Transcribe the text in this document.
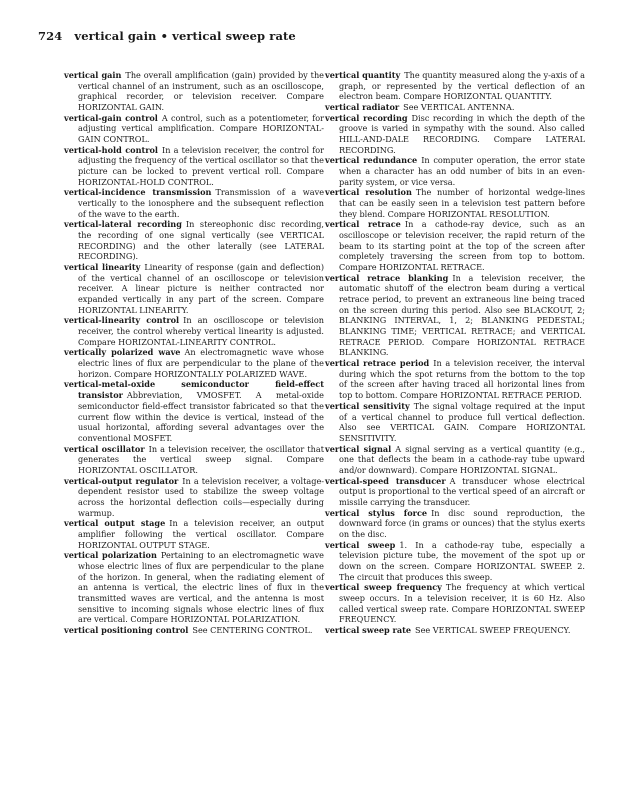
724 vertical gain • vertical sweep rate

vertical gain The overall amplification (gain) provided by the vertical channel of an instrument, such as an oscilloscope, graphical recorder, or television receiver. Compare HORIZONTAL GAIN.

vertical-gain control A control, such as a potentiometer, for adjusting vertical amplification. Compare HORIZONTAL-GAIN CONTROL.

vertical-hold control In a television receiver, the control for adjusting the frequency of the vertical oscillator so that the picture can be locked to prevent vertical roll. Compare HORIZONTAL-HOLD CONTROL.

vertical-incidence transmission Transmission of a wave vertically to the ionosphere and the subsequent reflection of the wave to the earth.

vertical-lateral recording In stereophonic disc recording, the recording of one signal vertically (see VERTICAL RECORDING) and the other laterally (see LATERAL RECORDING).

vertical linearity Linearity of response (gain and deflection) of the vertical channel of an oscilloscope or television receiver. A linear picture is neither contracted nor expanded vertically in any part of the screen. Compare HORIZONTAL LINEARITY.

vertical-linearity control In an oscilloscope or television receiver, the control whereby vertical linearity is adjusted. Compare HORIZONTAL-LINEARITY CONTROL.

vertically polarized wave An electromagnetic wave whose electric lines of flux are perpendicular to the plane of the horizon. Compare HORIZONTALLY POLARIZED WAVE.

vertical-metal-oxide semiconductor field-effect transistor Abbreviation, VMOSFET. A metal-oxide semiconductor field-effect transistor fabricated so that the current flow within the device is vertical, instead of the usual horizontal, affording several advantages over the conventional MOSFET.

vertical oscillator In a television receiver, the oscillator that generates the vertical sweep signal. Compare HORIZONTAL OSCILLATOR.

vertical-output regulator In a television receiver, a voltage-dependent resistor used to stabilize the sweep voltage across the horizontal deflection coils—especially during warmup.

vertical output stage In a television receiver, an output amplifier following the vertical oscillator. Compare HORIZONTAL OUTPUT STAGE.

vertical polarization Pertaining to an electromagnetic wave whose electric lines of flux are perpendicular to the plane of the horizon. In general, when the radiating element of an antenna is vertical, the electric lines of flux in the transmitted waves are vertical, and the antenna is most sensitive to incoming signals whose electric lines of flux are vertical. Compare HORIZONTAL POLARIZATION.

vertical positioning control See CENTERING CONTROL.

vertical quantity The quantity measured along the y-axis of a graph, or represented by the vertical deflection of an electron beam. Compare HORIZONTAL QUANTITY.

vertical radiator See VERTICAL ANTENNA.

vertical recording Disc recording in which the depth of the groove is varied in sympathy with the sound. Also called HILL-AND-DALE RECORDING. Compare LATERAL RECORDING.

vertical redundance In computer operation, the error state when a character has an odd number of bits in an even-parity system, or vice versa.

vertical resolution The number of horizontal wedge-lines that can be easily seen in a television test pattern before they blend. Compare HORIZONTAL RESOLUTION.

vertical retrace In a cathode-ray device, such as an oscilloscope or television receiver, the rapid return of the beam to its starting point at the top of the screen after completely traversing the screen from top to bottom. Compare HORIZONTAL RETRACE.

vertical retrace blanking In a television receiver, the automatic shutoff of the electron beam during a vertical retrace period, to prevent an extraneous line being traced on the screen during this period. Also see BLACKOUT, 2; BLANKING INTERVAL, 1, 2; BLANKING PEDESTAL; BLANKING TIME; VERTICAL RETRACE; and VERTICAL RETRACE PERIOD. Compare HORIZONTAL RETRACE BLANKING.

vertical retrace period In a television receiver, the interval during which the spot returns from the bottom to the top of the screen after having traced all horizontal lines from top to bottom. Compare HORIZONTAL RETRACE PERIOD.

vertical sensitivity The signal voltage required at the input of a vertical channel to produce full vertical deflection. Also see VERTICAL GAIN. Compare HORIZONTAL SENSITIVITY.

vertical signal A signal serving as a vertical quantity (e.g., one that deflects the beam in a cathode-ray tube upward and/or downward). Compare HORIZONTAL SIGNAL.

vertical-speed transducer A transducer whose electrical output is proportional to the vertical speed of an aircraft or missile carrying the transducer.

vertical stylus force In disc sound reproduction, the downward force (in grams or ounces) that the stylus exerts on the disc.

vertical sweep 1. In a cathode-ray tube, especially a television picture tube, the movement of the spot up or down on the screen. Compare HORIZONTAL SWEEP. 2. The circuit that produces this sweep.

vertical sweep frequency The frequency at which vertical sweep occurs. In a television receiver, it is 60 Hz. Also called vertical sweep rate. Compare HORIZONTAL SWEEP FREQUENCY.

vertical sweep rate See VERTICAL SWEEP FREQUENCY.
